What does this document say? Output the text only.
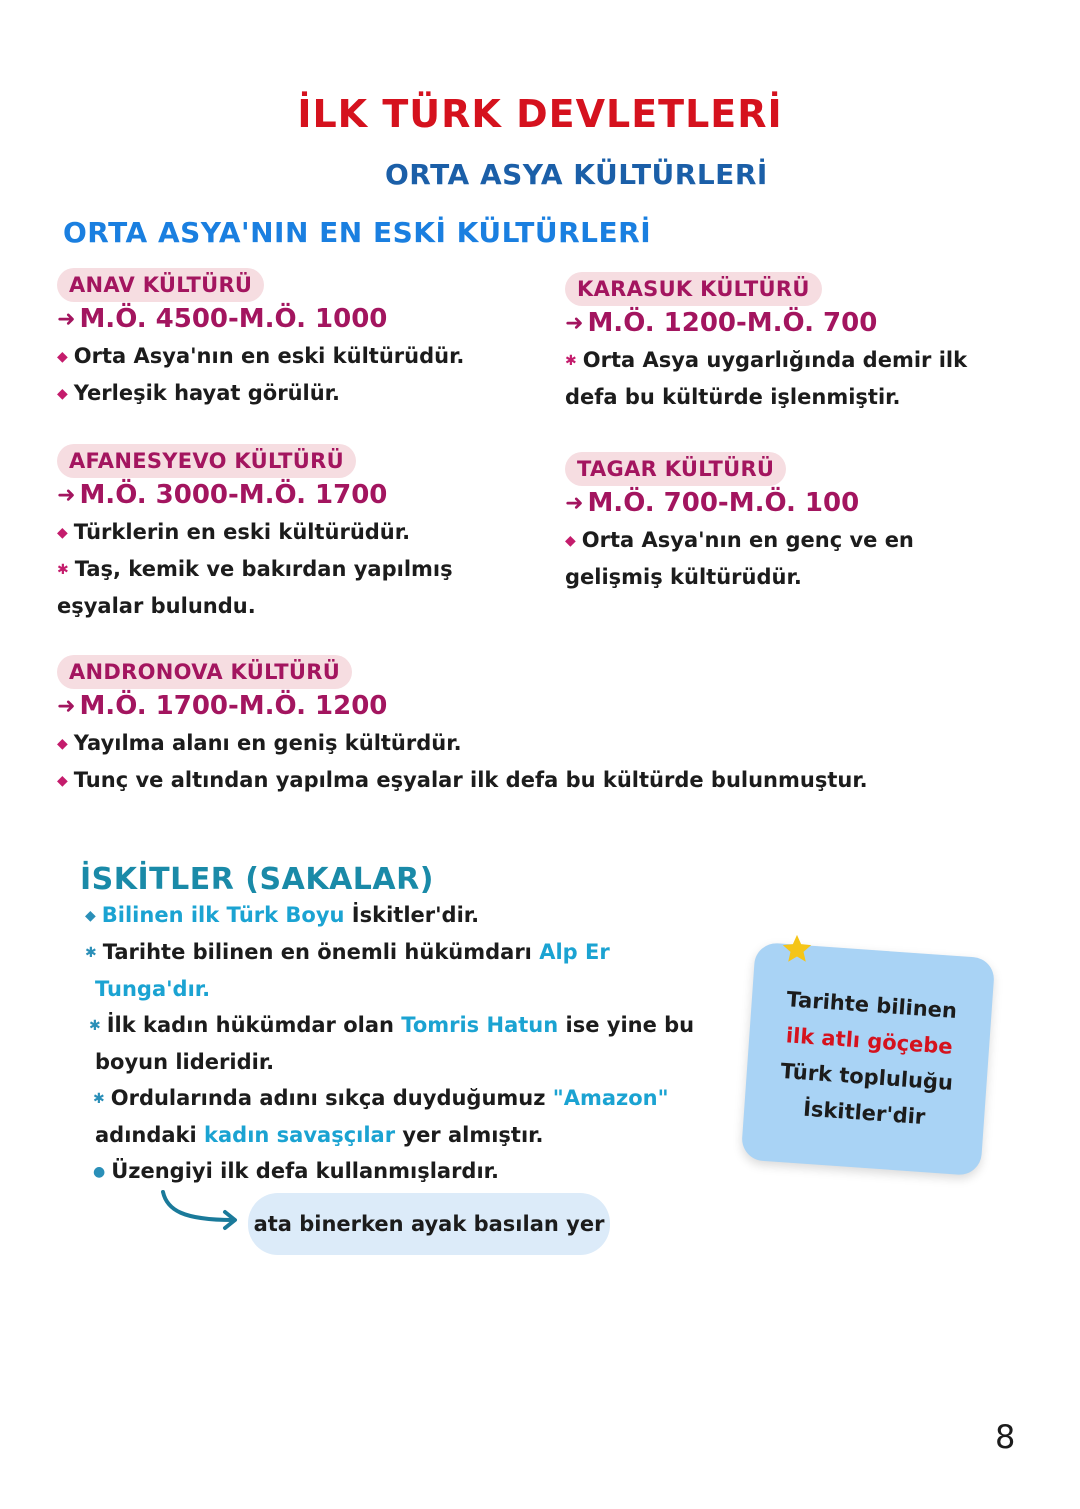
İLK TÜRK DEVLETLERİ
ORTA ASYA KÜLTÜRLERİ
ORTA ASYA'NIN EN ESKİ KÜLTÜRLERİ
ANAV KÜLTÜRÜ
➜ M.Ö. 4500-M.Ö. 1000
◆ Orta Asya'nın en eski kültürüdür.
◆ Yerleşik hayat görülür.
KARASUK KÜLTÜRÜ
➜ M.Ö. 1200-M.Ö. 700
✱ Orta Asya uygarlığında demir ilk defa bu kültürde işlenmiştir.
AFANESYEVO KÜLTÜRÜ
➜ M.Ö. 3000-M.Ö. 1700
◆ Türklerin en eski kültürüdür.
✱ Taş, kemik ve bakırdan yapılmış eşyalar bulundu.
TAGAR KÜLTÜRÜ
➜ M.Ö. 700-M.Ö. 100
◆ Orta Asya'nın en genç ve en gelişmiş kültürüdür.
ANDRONOVA KÜLTÜRÜ
➜ M.Ö. 1700-M.Ö. 1200
◆ Yayılma alanı en geniş kültürdür.
◆ Tunç ve altından yapılma eşyalar ilk defa bu kültürde bulunmuştur.
İSKİTLER (SAKALAR)
◆ Bilinen ilk Türk Boyu İskitler'dir.
✱ Tarihte bilinen en önemli hükümdarı Alp Er
Tunga'dır.
✱ İlk kadın hükümdar olan Tomris Hatun ise yine bu
boyun lideridir.
✱ Ordularında adını sıkça duyduğumuz "Amazon"
adındaki kadın savaşçılar yer almıştır.
● Üzengiyi ilk defa kullanmışlardır.
ata binerken ayak basılan yer
Tarihte bilinen
ilk atlı göçebe
Türk topluluğu
İskitler'dir
8
